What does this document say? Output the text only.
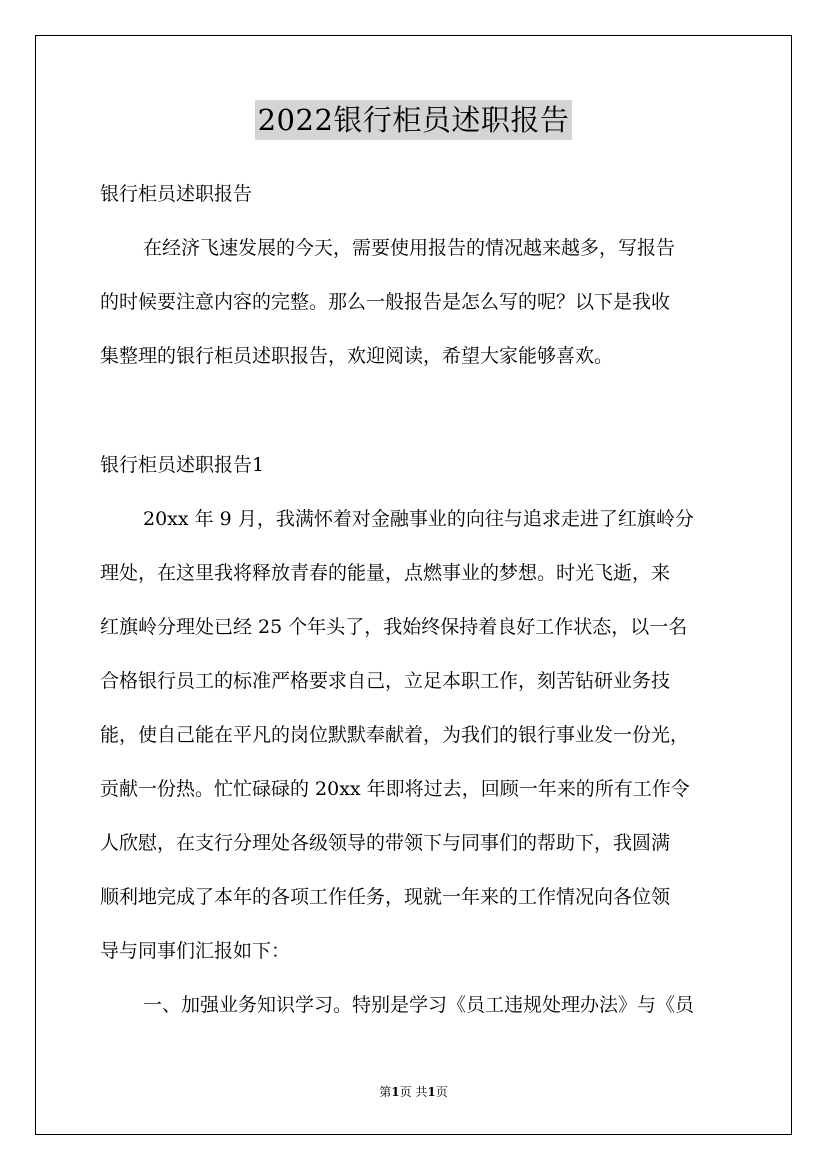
2022银行柜员述职报告
银行柜员述职报告
在经济飞速发展的今天，需要使用报告的情况越来越多，写报告
的时候要注意内容的完整。那么一般报告是怎么写的呢？以下是我收
集整理的银行柜员述职报告，欢迎阅读，希望大家能够喜欢。
银行柜员述职报告1
20xx 年 9 月，我满怀着对金融事业的向往与追求走进了红旗岭分
理处，在这里我将释放青春的能量，点燃事业的梦想。时光飞逝，来
红旗岭分理处已经 25 个年头了，我始终保持着良好工作状态，以一名
合格银行员工的标准严格要求自己，立足本职工作，刻苦钻研业务技
能，使自己能在平凡的岗位默默奉献着，为我们的银行事业发一份光，
贡献一份热。忙忙碌碌的 20xx 年即将过去，回顾一年来的所有工作令
人欣慰，在支行分理处各级领导的带领下与同事们的帮助下，我圆满
顺利地完成了本年的各项工作任务，现就一年来的工作情况向各位领
导与同事们汇报如下：
一、加强业务知识学习。特别是学习《员工违规处理办法》与《员
第1页 共1页
